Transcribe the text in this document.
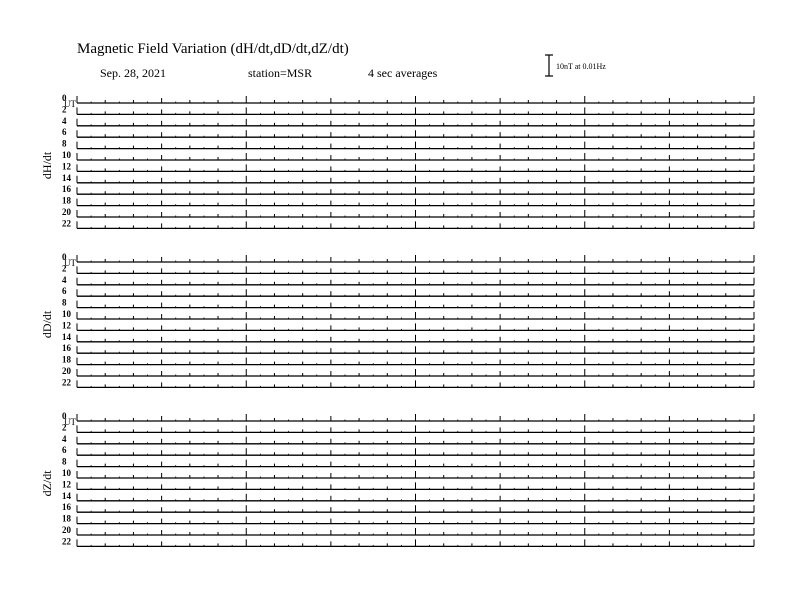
Magnetic Field Variation (dH/dt,dD/dt,dZ/dt)
Sep. 28, 2021	station=MSR	4 sec averages	10nT at 0.01Hz
UT
dH/dt
0
2
4
6
8
10
12
14
16
18
20
22
UT
dD/dt
0
2
4
6
8
10
12
14
16
18
20
22
UT
dZ/dt
0
2
4
6
8
10
12
14
16
18
20
22
